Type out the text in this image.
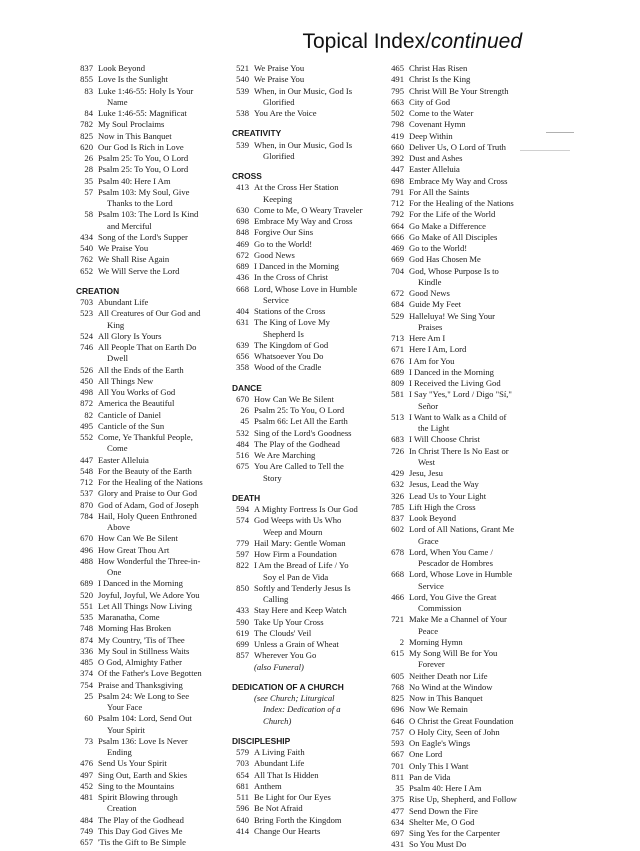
Topical Index/continued
837 Look Beyond
855 Love Is the Sunlight
83 Luke 1:46-55: Holy Is Your
Name
84 Luke 1:46-55: Magnificat
782 My Soul Proclaims
825 Now in This Banquet
620 Our God Is Rich in Love
26 Psalm 25: To You, O Lord
28 Psalm 25: To You, O Lord
35 Psalm 40: Here I Am
57 Psalm 103: My Soul, Give
Thanks to the Lord
58 Psalm 103: The Lord Is Kind
and Merciful
434 Song of the Lord's Supper
540 We Praise You
762 We Shall Rise Again
652 We Will Serve the Lord
CREATION
703 Abundant Life
523 All Creatures of Our God and
King
524 All Glory Is Yours
746 All People That on Earth Do
Dwell
526 All the Ends of the Earth
450 All Things New
498 All You Works of God
872 America the Beautiful
82 Canticle of Daniel
495 Canticle of the Sun
552 Come, Ye Thankful People,
Come
447 Easter Alleluia
548 For the Beauty of the Earth
712 For the Healing of the Nations
537 Glory and Praise to Our God
870 God of Adam, God of Joseph
784 Hail, Holy Queen Enthroned
Above
670 How Can We Be Silent
496 How Great Thou Art
488 How Wonderful the Three-in-
One
689 I Danced in the Morning
520 Joyful, Joyful, We Adore You
551 Let All Things Now Living
535 Maranatha, Come
748 Morning Has Broken
874 My Country, 'Tis of Thee
336 My Soul in Stillness Waits
485 O God, Almighty Father
374 Of the Father's Love Begotten
754 Praise and Thanksgiving
25 Psalm 24: We Long to See
Your Face
60 Psalm 104: Lord, Send Out
Your Spirit
73 Psalm 136: Love Is Never
Ending
476 Send Us Your Spirit
497 Sing Out, Earth and Skies
452 Sing to the Mountains
481 Spirit Blowing through
Creation
484 The Play of the Godhead
749 This Day God Gives Me
657 'Tis the Gift to Be Simple
521 We Praise You
540 We Praise You
539 When, in Our Music, God Is
Glorified
538 You Are the Voice
CREATIVITY
539 When, in Our Music, God Is
Glorified
CROSS
413 At the Cross Her Station
Keeping
630 Come to Me, O Weary Traveler
698 Embrace My Way and Cross
848 Forgive Our Sins
469 Go to the World!
672 Good News
689 I Danced in the Morning
436 In the Cross of Christ
668 Lord, Whose Love in Humble
Service
404 Stations of the Cross
631 The King of Love My
Shepherd Is
639 The Kingdom of God
656 Whatsoever You Do
358 Wood of the Cradle
DANCE
670 How Can We Be Silent
26 Psalm 25: To You, O Lord
45 Psalm 66: Let All the Earth
532 Sing of the Lord's Goodness
484 The Play of the Godhead
516 We Are Marching
675 You Are Called to Tell the
Story
DEATH
594 A Mighty Fortress Is Our God
574 God Weeps with Us Who
Weep and Mourn
779 Hail Mary: Gentle Woman
597 How Firm a Foundation
822 I Am the Bread of Life / Yo
Soy el Pan de Vida
850 Softly and Tenderly Jesus Is
Calling
433 Stay Here and Keep Watch
590 Take Up Your Cross
619 The Clouds' Veil
699 Unless a Grain of Wheat
857 Wherever You Go
(also Funeral)
DEDICATION OF A CHURCH
(see Church; Liturgical
Index: Dedication of a
Church)
DISCIPLESHIP
579 A Living Faith
703 Abundant Life
654 All That Is Hidden
681 Anthem
511 Be Light for Our Eyes
596 Be Not Afraid
640 Bring Forth the Kingdom
414 Change Our Hearts
465 Christ Has Risen
491 Christ Is the King
795 Christ Will Be Your Strength
663 City of God
502 Come to the Water
798 Covenant Hymn
419 Deep Within
660 Deliver Us, O Lord of Truth
392 Dust and Ashes
447 Easter Alleluia
698 Embrace My Way and Cross
791 For All the Saints
712 For the Healing of the Nations
792 For the Life of the World
664 Go Make a Difference
666 Go Make of All Disciples
469 Go to the World!
669 God Has Chosen Me
704 God, Whose Purpose Is to
Kindle
672 Good News
684 Guide My Feet
529 Halleluya! We Sing Your
Praises
713 Here Am I
671 Here I Am, Lord
676 I Am for You
689 I Danced in the Morning
809 I Received the Living God
581 I Say "Yes," Lord / Digo "Sí,"
Señor
513 I Want to Walk as a Child of
the Light
683 I Will Choose Christ
726 In Christ There Is No East or
West
429 Jesu, Jesu
632 Jesus, Lead the Way
326 Lead Us to Your Light
785 Lift High the Cross
837 Look Beyond
602 Lord of All Nations, Grant Me
Grace
678 Lord, When You Came /
Pescador de Hombres
668 Lord, Whose Love in Humble
Service
466 Lord, You Give the Great
Commission
721 Make Me a Channel of Your
Peace
2 Morning Hymn
615 My Song Will Be for You
Forever
605 Neither Death nor Life
768 No Wind at the Window
825 Now in This Banquet
696 Now We Remain
646 O Christ the Great Foundation
757 O Holy City, Seen of John
593 On Eagle's Wings
667 One Lord
701 Only This I Want
811 Pan de Vida
35 Psalm 40: Here I Am
375 Rise Up, Shepherd, and Follow
477 Send Down the Fire
634 Shelter Me, O God
697 Sing Yes for the Carpenter
431 So You Must Do
